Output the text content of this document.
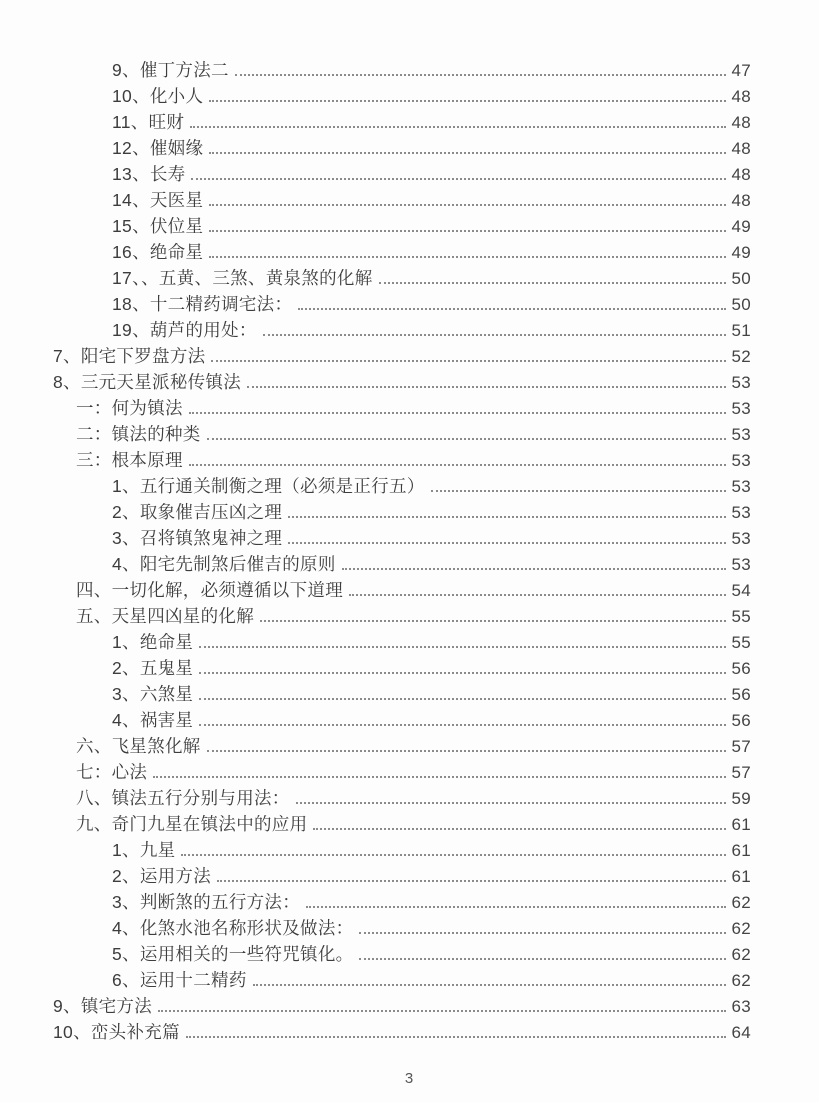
9、催丁方法二	47
10、化小人	48
11、旺财	48
12、催姻缘	48
13、长寿	48
14、天医星	48
15、伏位星	49
16、绝命星	49
17、、五黄、三煞、黄泉煞的化解	50
18、十二精药调宅法：	50
19、葫芦的用处：	51
7、阳宅下罗盘方法	52
8、三元天星派秘传镇法	53
一：何为镇法	53
二：镇法的种类	53
三：根本原理	53
1、五行通关制衡之理（必须是正行五）	53
2、取象催吉压凶之理	53
3、召将镇煞鬼神之理	53
4、阳宅先制煞后催吉的原则	53
四、一切化解，必须遵循以下道理	54
五、天星四凶星的化解	55
1、绝命星	55
2、五鬼星	56
3、六煞星	56
4、祸害星	56
六、飞星煞化解	57
七：心法	57
八、镇法五行分别与用法：	59
九、奇门九星在镇法中的应用	61
1、九星	61
2、运用方法	61
3、判断煞的五行方法：	62
4、化煞水池名称形状及做法：	62
5、运用相关的一些符咒镇化。	62
6、运用十二精药	62
9、镇宅方法	63
10、峦头补充篇	64
3
